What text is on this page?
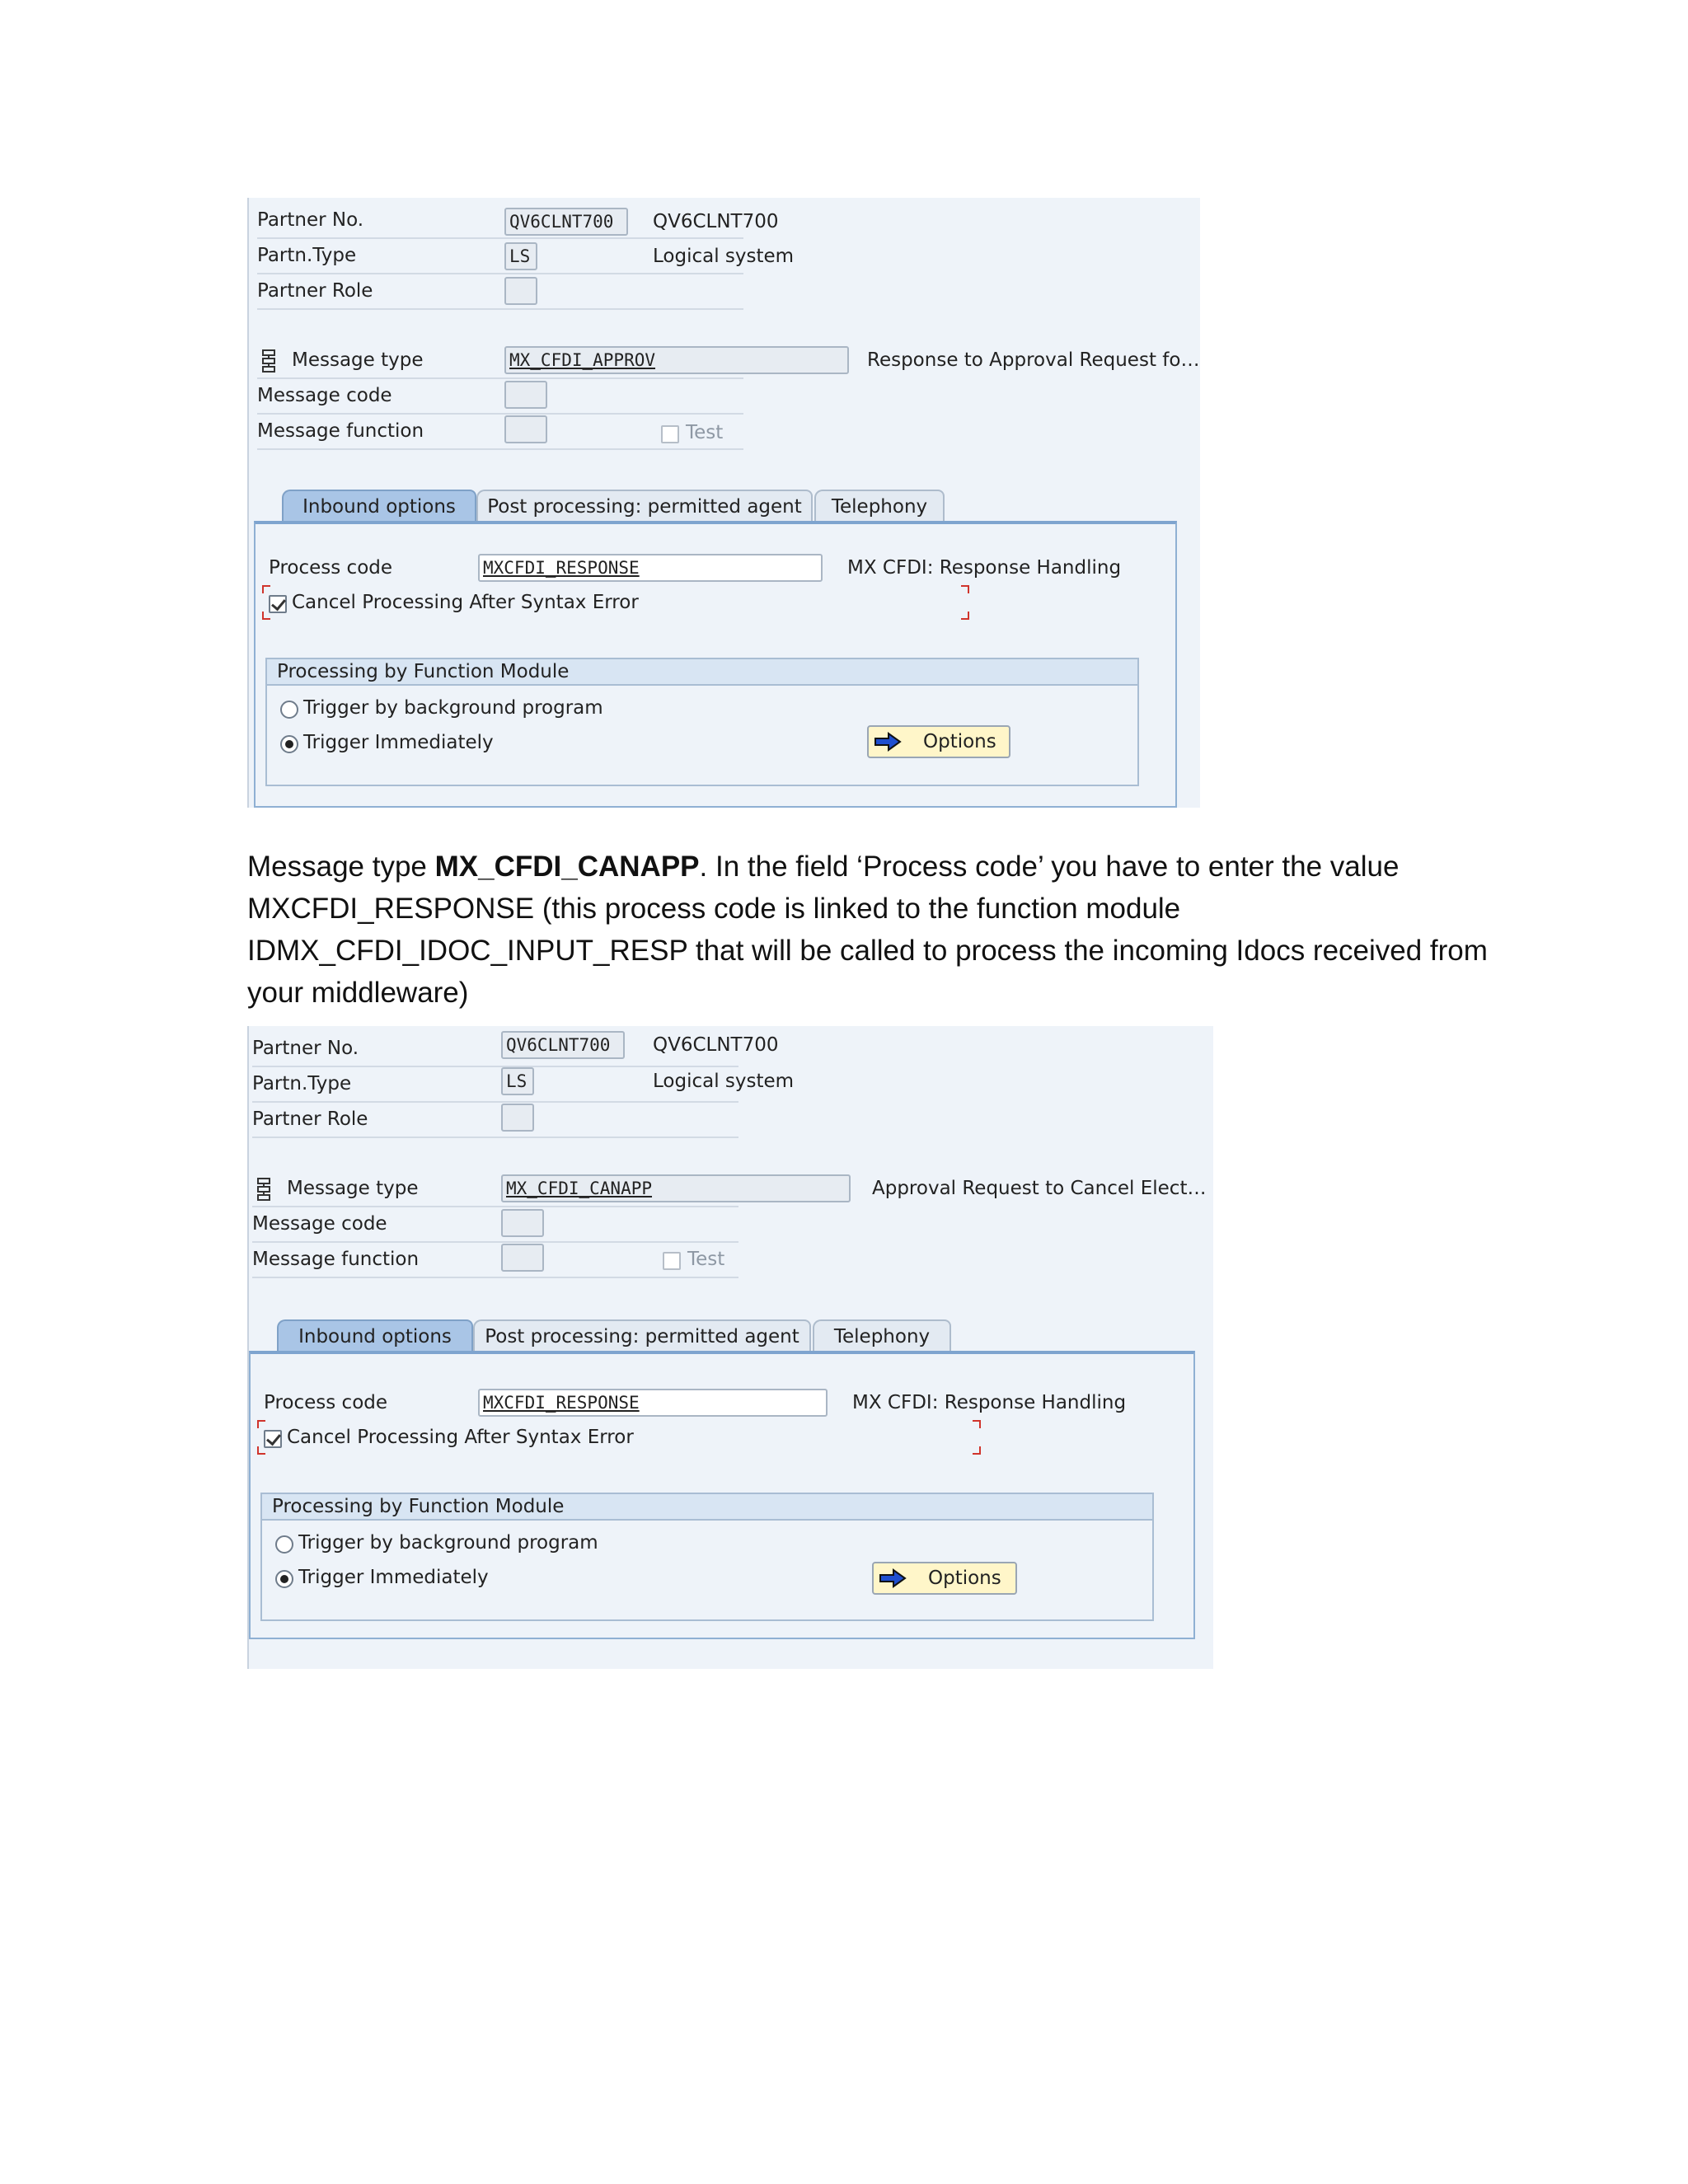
Partner No.	QV6CLNT700	QV6CLNT700
Partn.Type	LS	Logical system
Partner Role
Message type	MX_CFDI_APPROV	Response to Approval Request fo…
Message code
Message function	Test
Inbound options	Post processing: permitted agent	Telephony
Process code	MXCFDI_RESPONSE	MX CFDI: Response Handling
Cancel Processing After Syntax Error
Processing by Function Module
Trigger by background program
Trigger Immediately	Options
Message type MX_CFDI_CANAPP. In the field ‘Process code’ you have to enter the value MXCFDI_RESPONSE (this process code is linked to the function module IDMX_CFDI_IDOC_INPUT_RESP that will be called to process the incoming Idocs received from your middleware)
Partner No.	QV6CLNT700	QV6CLNT700
Partn.Type	LS	Logical system
Partner Role
Message type	MX_CFDI_CANAPP	Approval Request to Cancel Elect…
Message code
Message function	Test
Inbound options	Post processing: permitted agent	Telephony
Process code	MXCFDI_RESPONSE	MX CFDI: Response Handling
Cancel Processing After Syntax Error
Processing by Function Module
Trigger by background program
Trigger Immediately	Options
